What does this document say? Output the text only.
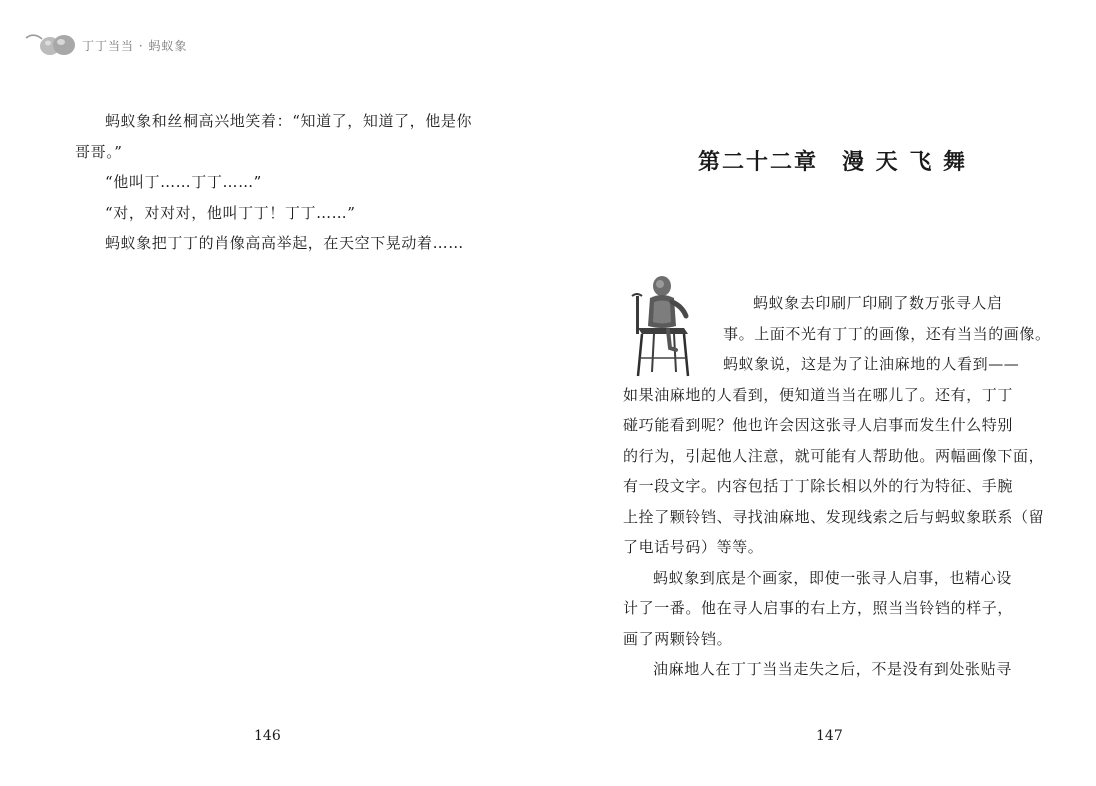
丁丁当当 · 蚂蚁象

蚂蚁象和丝桐高兴地笑着：“知道了，知道了，他是你

哥哥。”

“他叫丁……丁丁……”

“对，对对对，他叫丁丁！丁丁……”

蚂蚁象把丁丁的肖像高高举起，在天空下晃动着……

146
第二十二章　漫 天 飞 舞

蚂蚁象去印刷厂印刷了数万张寻人启

事。上面不光有丁丁的画像，还有当当的画像。

蚂蚁象说，这是为了让油麻地的人看到——

如果油麻地的人看到，便知道当当在哪儿了。还有，丁丁

碰巧能看到呢？他也许会因这张寻人启事而发生什么特别

的行为，引起他人注意，就可能有人帮助他。两幅画像下面，

有一段文字。内容包括丁丁除长相以外的行为特征、手腕

上拴了颗铃铛、寻找油麻地、发现线索之后与蚂蚁象联系（留

了电话号码）等等。

蚂蚁象到底是个画家，即使一张寻人启事，也精心设

计了一番。他在寻人启事的右上方，照当当铃铛的样子，

画了两颗铃铛。

油麻地人在丁丁当当走失之后，不是没有到处张贴寻

147
